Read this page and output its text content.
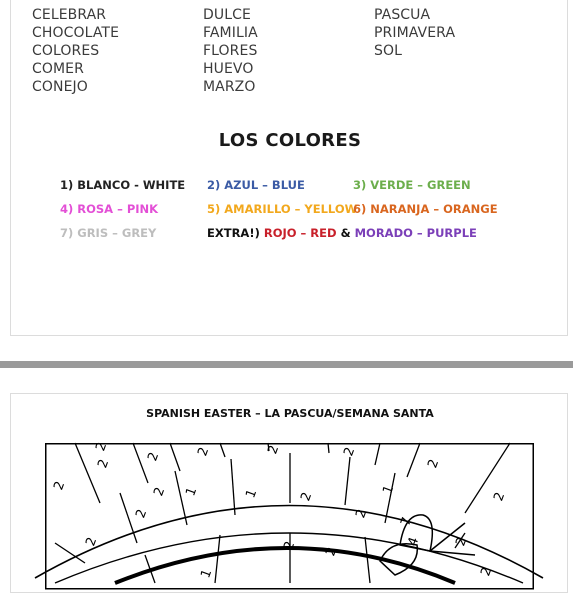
CELEBRAR
CHOCOLATE
COLORES
COMER
CONEJO
DULCE
FAMILIA
FLORES
HUEVO
MARZO
PASCUA
PRIMAVERA
SOL
LOS COLORES
1) BLANCO - WHITE 2) AZUL – BLUE	3) VERDE – GREEN
4) ROSA – PINK	5) AMARILLO – YELLOW
6) NARANJA – ORANGE
7) GRIS – GREY	EXTRA!) ROJO – RED & MORADO – PURPLE
SPANISH EASTER – LA PASCUA/SEMANA SANTA
2
2
2	2	2	2
2
2
2
1	1	2
2	2
2
1
2
2
7
4
2 2
1	2
